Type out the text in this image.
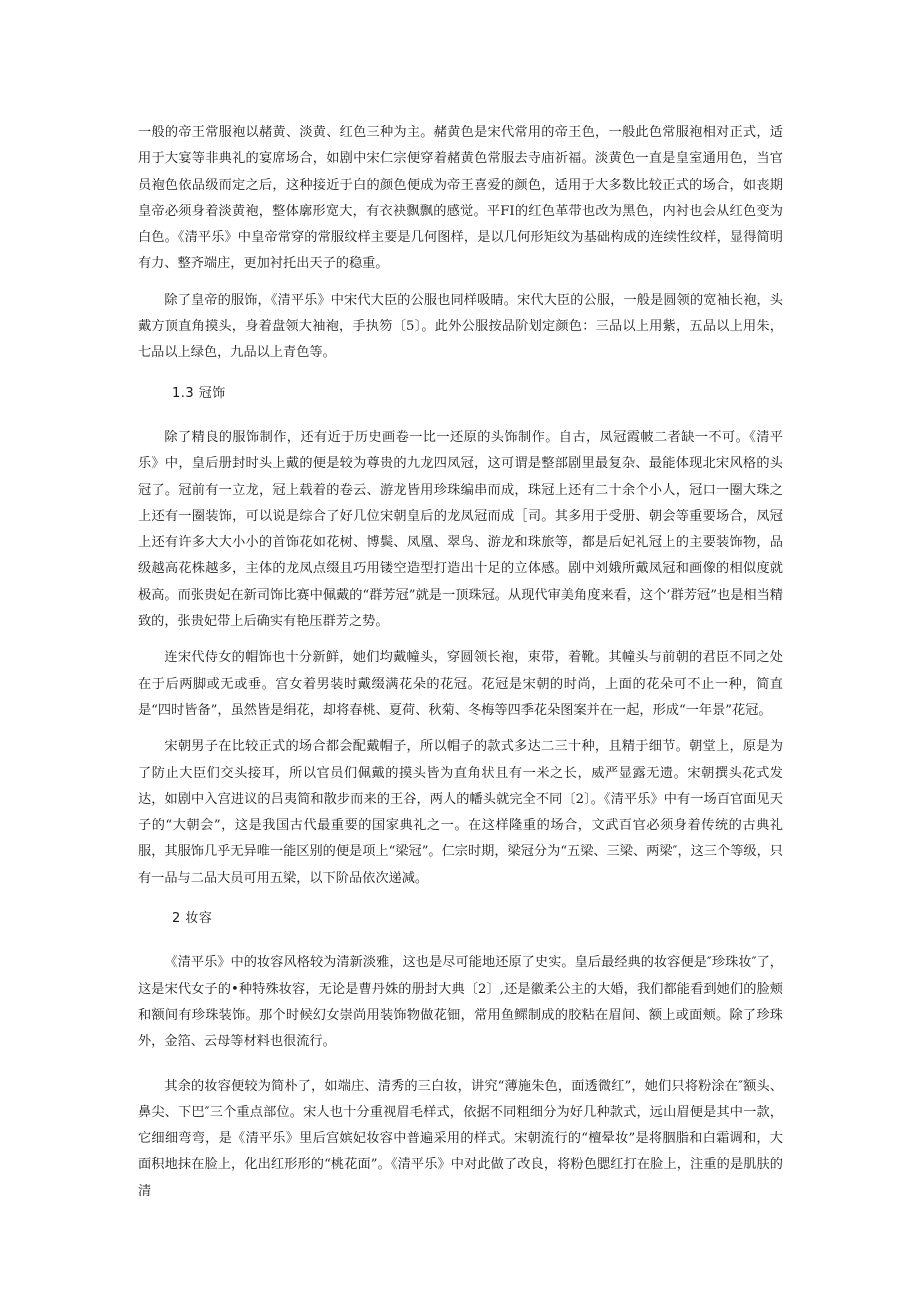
一般的帝王常服袍以赭黄、淡黄、红色三种为主。赭黄色是宋代常用的帝王色，一般此色常服袍相对正式，适用于大宴等非典礼的宴席场合，如剧中宋仁宗便穿着赭黄色常服去寺庙祈福。淡黄色一直是皇室通用色，当官员袍色依品级而定之后，这种接近于白的颜色便成为帝王喜爱的颜色，适用于大多数比较正式的场合，如丧期皇帝必须身着淡黄袍，整体廓形宽大，有衣袂飘飘的感觉。平FI的红色革带也改为黑色，内衬也会从红色变为白色。《清平乐》中皇帝常穿的常服纹样主要是几何图样，是以几何形矩纹为基础构成的连续性纹样，显得简明有力、整齐端庄，更加衬托出天子的稳重。

除了皇帝的服饰，《清平乐》中宋代大臣的公服也同样吸睛。宋代大臣的公服，一般是圆领的宽袖长袍，头戴方顶直角摸头，身着盘领大袖袍，手执笏〔5〕。此外公服按品阶划定颜色：三品以上用紫，五品以上用朱，七品以上绿色，九品以上青色等。

1.3 冠饰

除了精良的服饰制作，还有近于历史画卷一比一还原的头饰制作。自古，凤冠霞帔二者缺一不可。《清平乐》中，皇后册封时头上戴的便是较为尊贵的九龙四凤冠，这可谓是整部剧里最复杂、最能体现北宋风格的头冠了。冠前有一立龙，冠上载着的卷云、游龙皆用珍珠编串而成，珠冠上还有二十余个小人，冠口一圈大珠之上还有一圈装饰，可以说是综合了好几位宋朝皇后的龙凤冠而成［司。其多用于受册、朝会等重要场合，凤冠上还有许多大大小小的首饰花如花树、博鬓、凤凰、翠鸟、游龙和珠旅等，都是后妃礼冠上的主要装饰物，品级越高花株越多，主体的龙凤点缀且巧用镂空造型打造出十足的立体感。剧中刘娥所戴凤冠和画像的相似度就极高。而张贵妃在新司饰比赛中佩戴的“群芳冠”就是一顶珠冠。从现代审美角度来看，这个’群芳冠”也是相当精致的，张贵妃带上后确实有艳压群芳之势。

连宋代侍女的帽饰也十分新鲜，她们均戴幢头，穿圆领长袍，束带，着靴。其幢头与前朝的君臣不同之处在于后两脚或无或垂。宫女着男装时戴缀满花朵的花冠。花冠是宋朝的时尚，上面的花朵可不止一种，简直是“四时皆备”，虽然皆是绢花，却将春桃、夏荷、秋菊、冬梅等四季花朵图案并在一起，形成“一年景”花冠。

宋朝男子在比较正式的场合都会配戴帽子，所以帽子的款式多达二三十种，且精于细节。朝堂上，原是为了防止大臣们交头接耳，所以官员们佩戴的摸头皆为直角状且有一米之长，威严显露无遗。宋朝撰头花式发达，如剧中入宫进议的吕夷简和散步而来的王谷，两人的幡头就完全不同〔2〕。《清平乐》中有一场百官面见天子的“大朝会”，这是我国古代最重要的国家典礼之一。在这样隆重的场合，文武百官必须身着传统的古典礼服，其服饰几乎无异唯一能区别的便是项上“梁冠”。仁宗时期，梁冠分为“五梁、三梁、两梁″，这三个等级，只有一品与二品大员可用五梁，以下阶品依次递减。

2 妆容

《清平乐》中的妆容风格较为清新淡雅，这也是尽可能地还原了史实。皇后最经典的妆容便是″珍珠妆″了，这是宋代女子的•种特殊妆容，无论是曹丹姝的册封大典〔2〕,还是徽柔公主的大婚，我们都能看到她们的脸颊和额间有珍珠装饰。那个时候幻女崇尚用装饰物做花钿，常用鱼鳏制成的胶粘在眉间、额上或面颊。除了珍珠外，金箔、云母等材料也很流行。

其余的妆容便较为简朴了，如端庄、清秀的三白妆，讲究“薄施朱色，面透微红”，她们只将粉涂在″额头、鼻尖、下巴″三个重点部位。宋人也十分重视眉毛样式，依据不同粗细分为好几种款式，远山眉便是其中一款，它细细弯弯，是《清平乐》里后宫嫔妃妆容中普遍采用的样式。宋朝流行的“檀晕妆”是将胭脂和白霜调和，大面积地抹在脸上，化出红形形的“桃花面”。《清平乐》中对此做了改良，将粉色腮红打在脸上，注重的是肌肤的清
